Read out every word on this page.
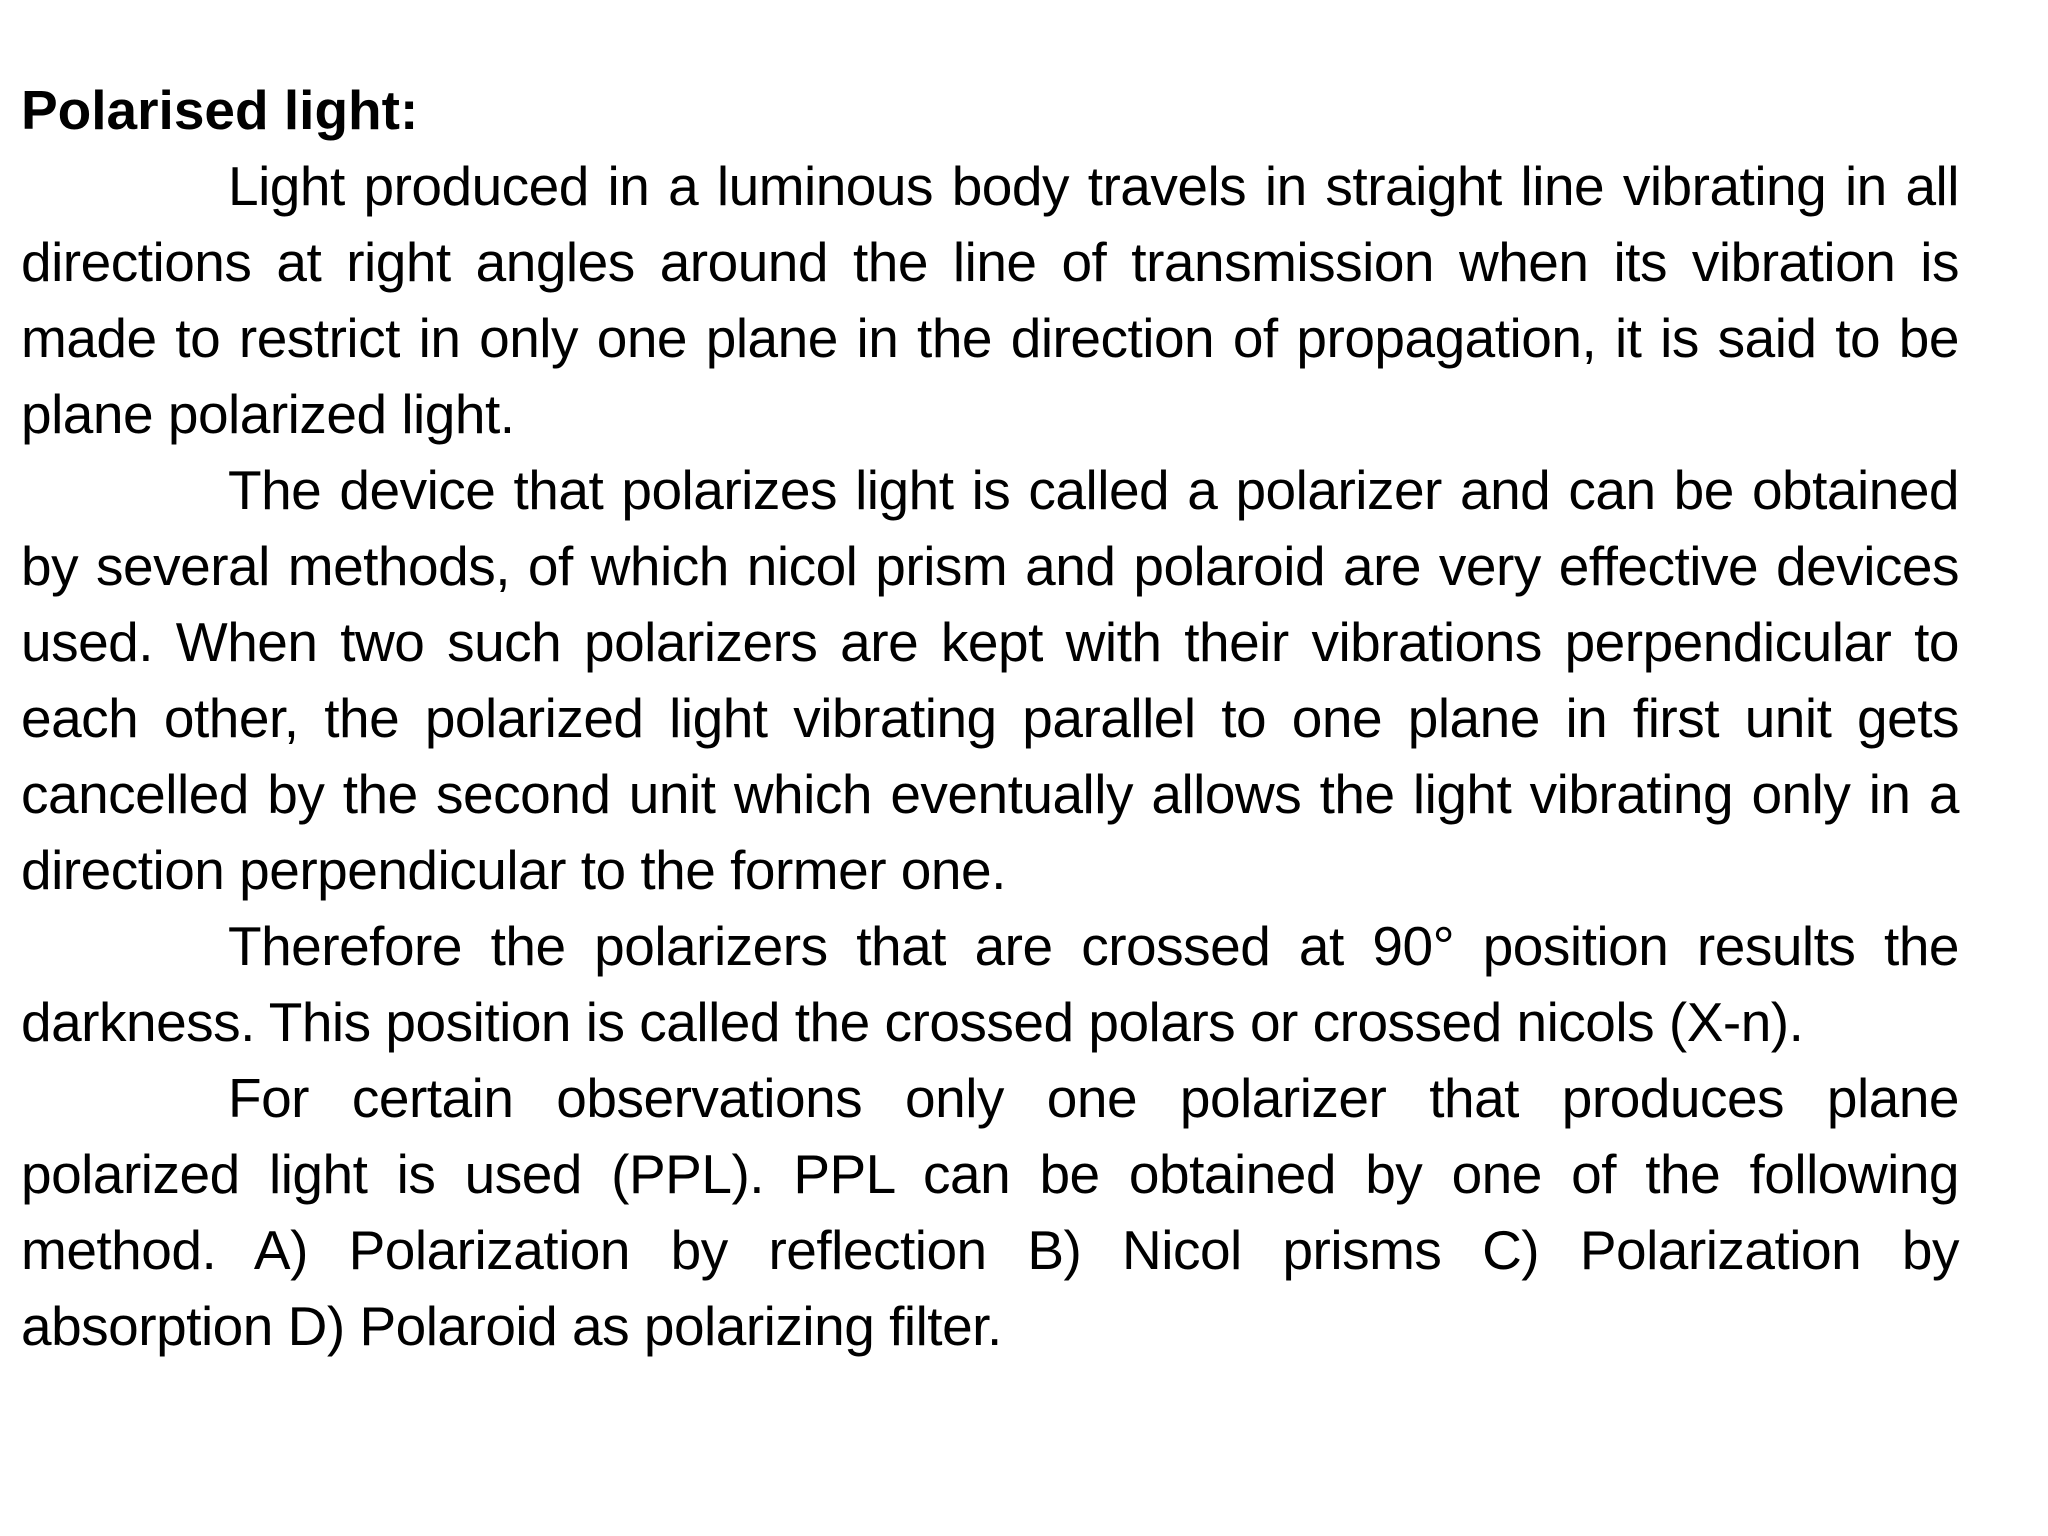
Polarised light:

Light produced in a luminous body travels in straight line vibrating in all directions at right angles around the line of transmission when its vibration is made to restrict in only one plane in the direction of propagation, it is said to be plane polarized light.

The device that polarizes light is called a polarizer and can be obtained by several methods, of which nicol prism and polaroid are very effective devices used. When two such polarizers are kept with their vibrations perpendicular to each other, the polarized light vibrating parallel to one plane in first unit gets cancelled by the second unit which eventually allows the light vibrating only in a direction perpendicular to the former one.

Therefore the polarizers that are crossed at 90° position results the darkness. This position is called the crossed polars or crossed nicols (X-n).

For certain observations only one polarizer that produces plane polarized light is used (PPL). PPL can be obtained by one of the following method. A) Polarization by reflection B) Nicol prisms C) Polarization by absorption D) Polaroid as polarizing filter.
